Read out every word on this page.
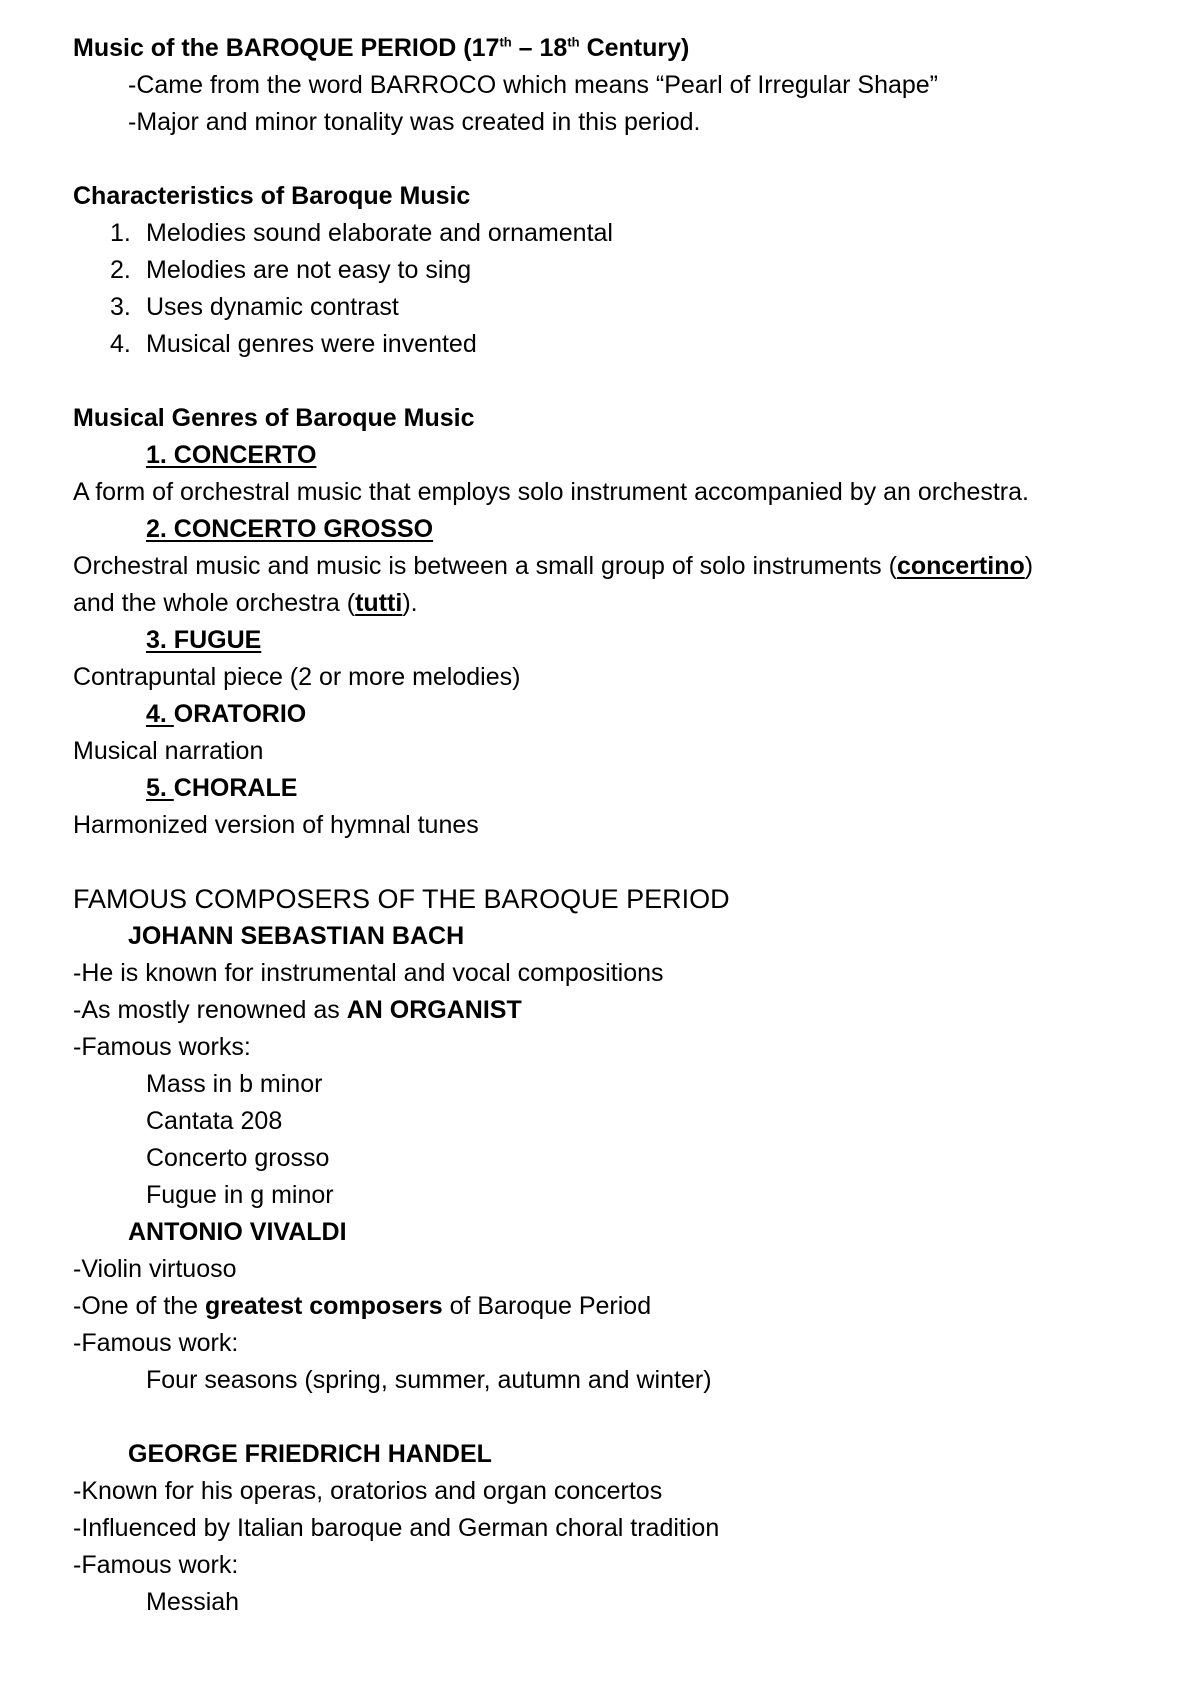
Music of the BAROQUE PERIOD (17th – 18th Century)
-Came from the word BARROCO which means “Pearl of Irregular Shape”
-Major and minor tonality was created in this period.
Characteristics of Baroque Music
1. Melodies sound elaborate and ornamental
2. Melodies are not easy to sing
3. Uses dynamic contrast
4. Musical genres were invented
Musical Genres of Baroque Music
1. CONCERTO
A form of orchestral music that employs solo instrument accompanied by an orchestra.
2. CONCERTO GROSSO
Orchestral music and music is between a small group of solo instruments (concertino)
and the whole orchestra (tutti).
3. FUGUE
Contrapuntal piece (2 or more melodies)
4. ORATORIO
Musical narration
5. CHORALE
Harmonized version of hymnal tunes
FAMOUS COMPOSERS OF THE BAROQUE PERIOD
JOHANN SEBASTIAN BACH
-He is known for instrumental and vocal compositions
-As mostly renowned as AN ORGANIST
-Famous works:
Mass in b minor
Cantata 208
Concerto grosso
Fugue in g minor
ANTONIO VIVALDI
-Violin virtuoso
-One of the greatest composers of Baroque Period
-Famous work:
Four seasons (spring, summer, autumn and winter)
GEORGE FRIEDRICH HANDEL
-Known for his operas, oratorios and organ concertos
-Influenced by Italian baroque and German choral tradition
-Famous work:
Messiah
